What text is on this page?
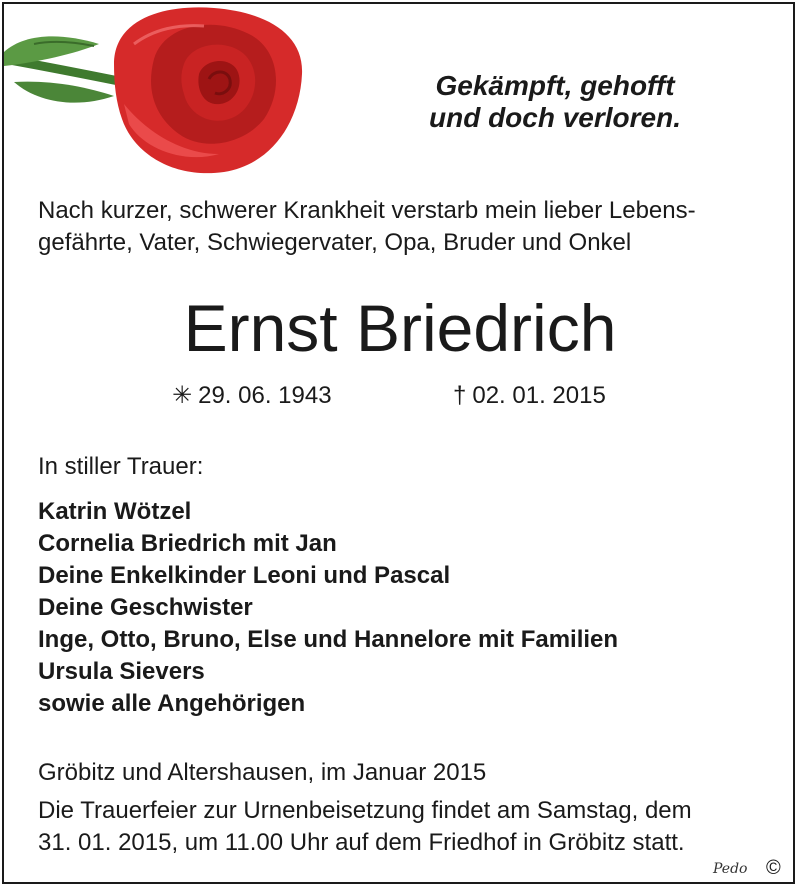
Gekämpft, gehofft
und doch verloren.
Nach kurzer, schwerer Krankheit verstarb mein lieber Lebens-
gefährte, Vater, Schwiegervater, Opa, Bruder und Onkel
Ernst Briedrich
✳ 29. 06. 1943	† 02. 01. 2015
In stiller Trauer:
Katrin Wötzel
Cornelia Briedrich mit Jan
Deine Enkelkinder Leoni und Pascal
Deine Geschwister
Inge, Otto, Bruno, Else und Hannelore mit Familien
Ursula Sievers
sowie alle Angehörigen
Gröbitz und Altershausen, im Januar 2015
Die Trauerfeier zur Urnenbeisetzung findet am Samstag, dem
31. 01. 2015, um 11.00 Uhr auf dem Friedhof in Gröbitz statt.
Pedo ©
